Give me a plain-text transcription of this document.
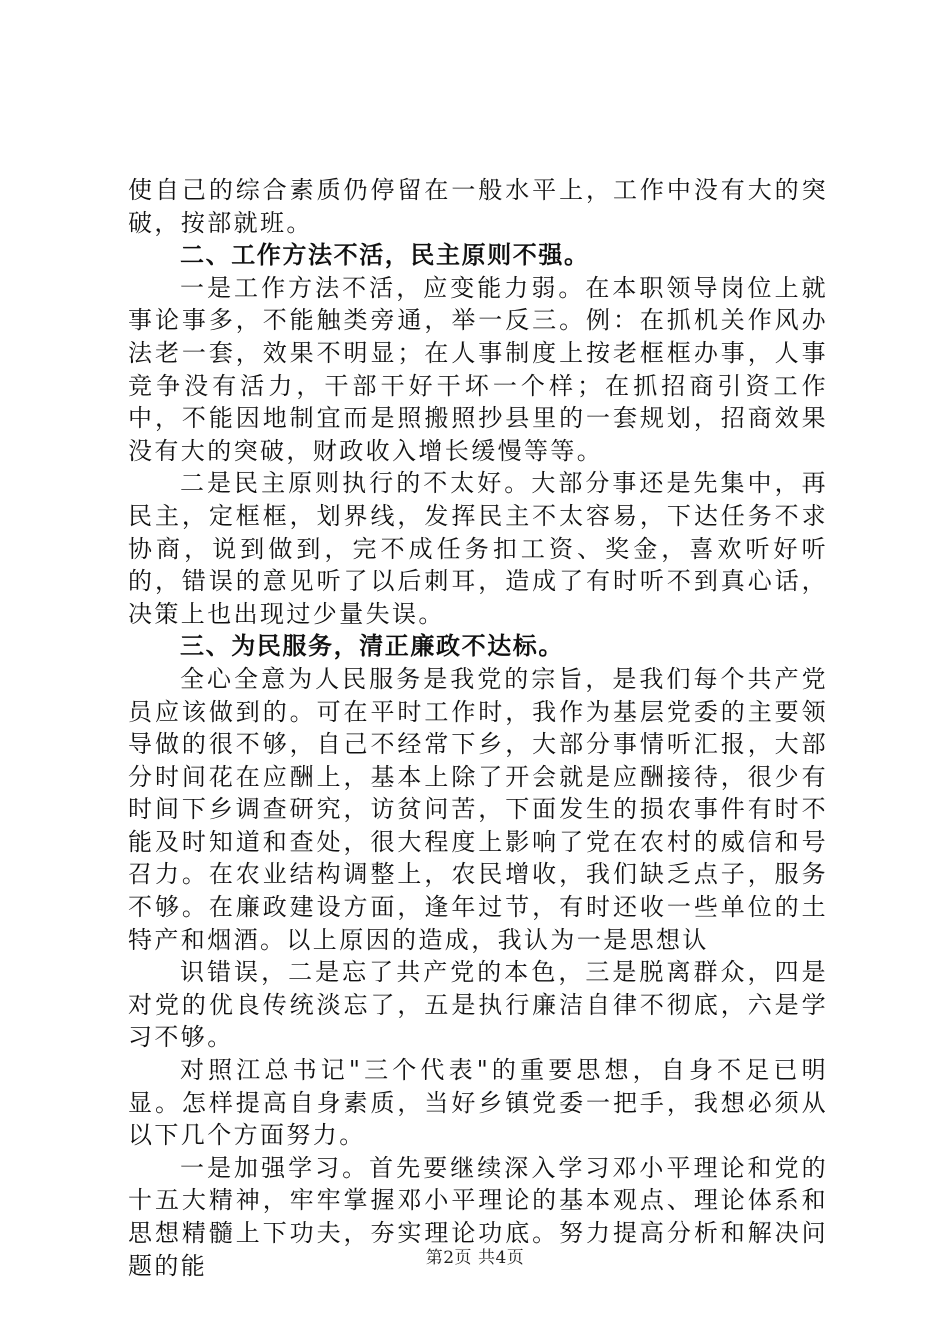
使自己的综合素质仍停留在一般水平上，工作中没有大的突破，按部就班。

二、工作方法不活，民主原则不强。

一是工作方法不活，应变能力弱。在本职领导岗位上就事论事多，不能触类旁通，举一反三。例：在抓机关作风办法老一套，效果不明显；在人事制度上按老框框办事，人事竞争没有活力，干部干好干坏一个样；在抓招商引资工作中，不能因地制宜而是照搬照抄县里的一套规划，招商效果没有大的突破，财政收入增长缓慢等等。

二是民主原则执行的不太好。大部分事还是先集中，再民主，定框框，划界线，发挥民主不太容易，下达任务不求协商，说到做到，完不成任务扣工资、奖金，喜欢听好听的，错误的意见听了以后刺耳，造成了有时听不到真心话，决策上也出现过少量失误。

三、为民服务，清正廉政不达标。

全心全意为人民服务是我党的宗旨，是我们每个共产党员应该做到的。可在平时工作时，我作为基层党委的主要领导做的很不够，自己不经常下乡，大部分事情听汇报，大部分时间花在应酬上，基本上除了开会就是应酬接待，很少有时间下乡调查研究，访贫问苦，下面发生的损农事件有时不能及时知道和查处，很大程度上影响了党在农村的威信和号召力。在农业结构调整上，农民增收，我们缺乏点子，服务不够。在廉政建设方面，逢年过节，有时还收一些单位的土特产和烟酒。以上原因的造成，我认为一是思想认

识错误，二是忘了共产党的本色，三是脱离群众，四是对党的优良传统淡忘了，五是执行廉洁自律不彻底，六是学习不够。

对照江总书记"三个代表"的重要思想，自身不足已明显。怎样提高自身素质，当好乡镇党委一把手，我想必须从以下几个方面努力。

一是加强学习。首先要继续深入学习邓小平理论和党的十五大精神，牢牢掌握邓小平理论的基本观点、理论体系和思想精髓上下功夫，夯实理论功底。努力提高分析和解决问题的能	第2页 共4页
